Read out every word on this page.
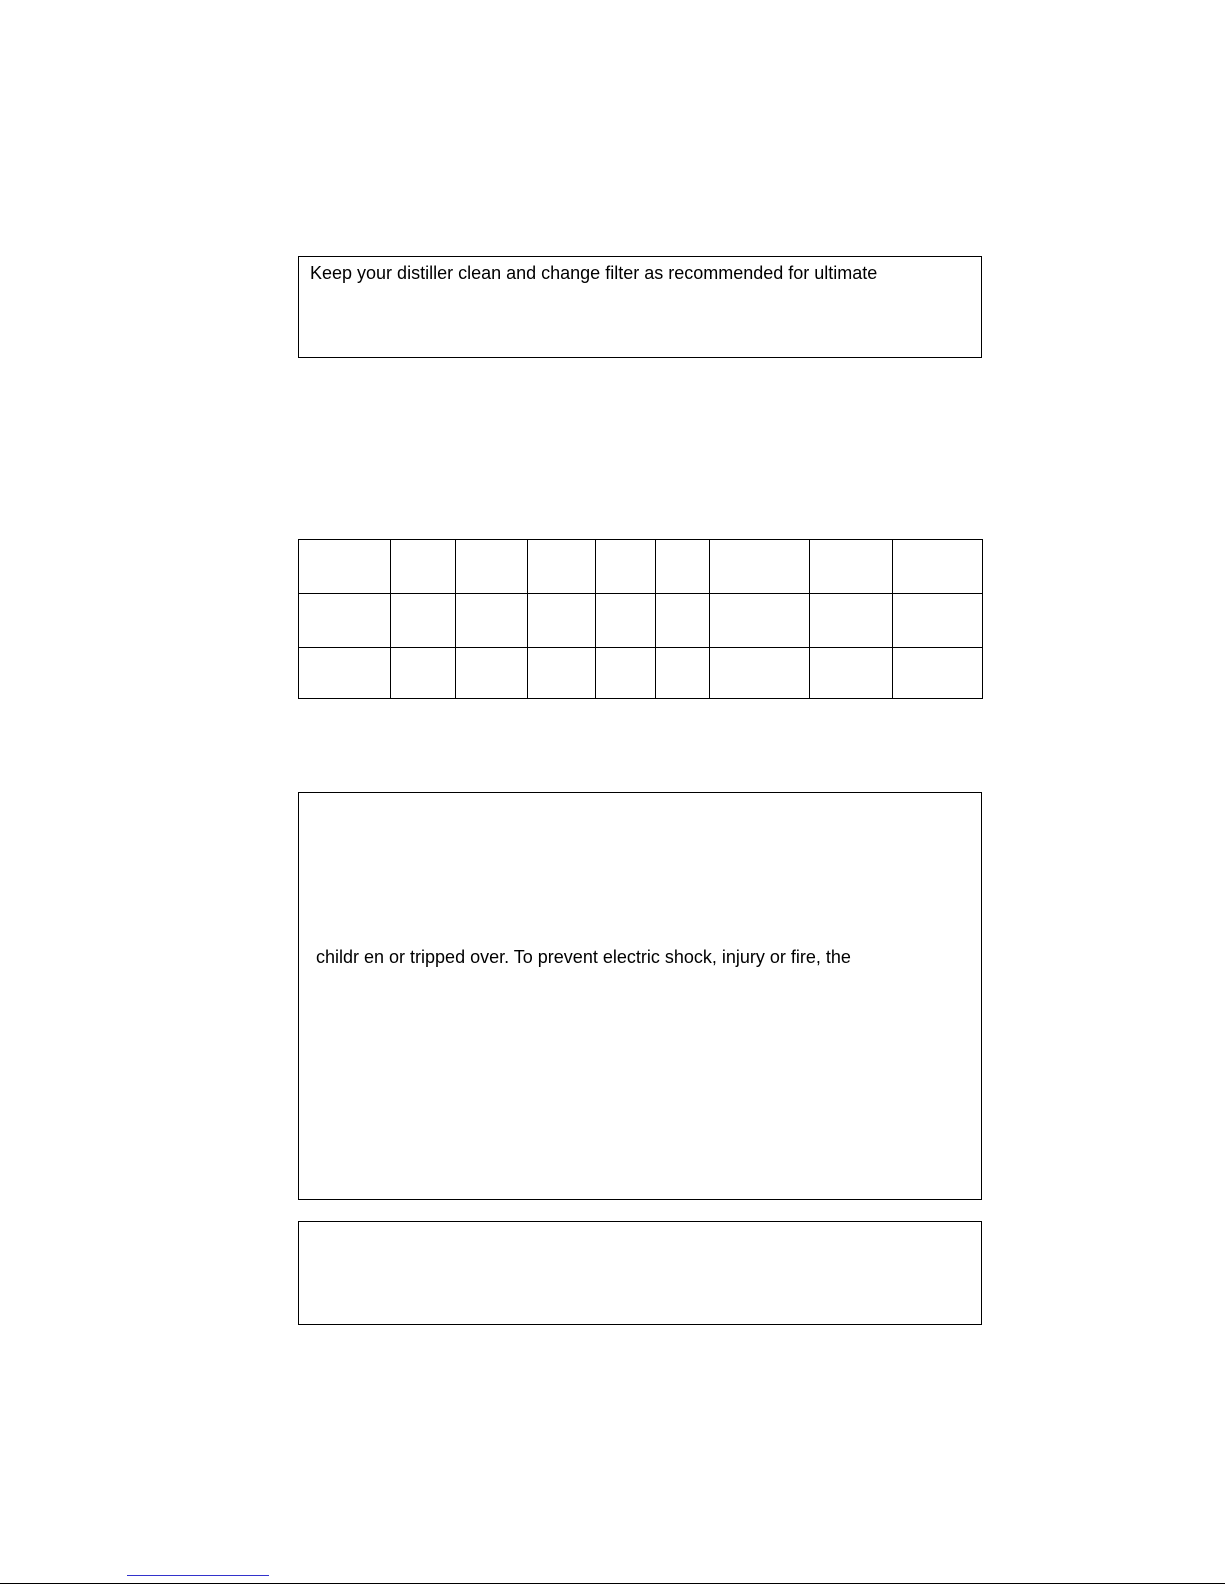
Keep your distiller clean and change filter as recommended for ultimate

childr en or tripped over. To prevent electric shock, injury or fire, the
